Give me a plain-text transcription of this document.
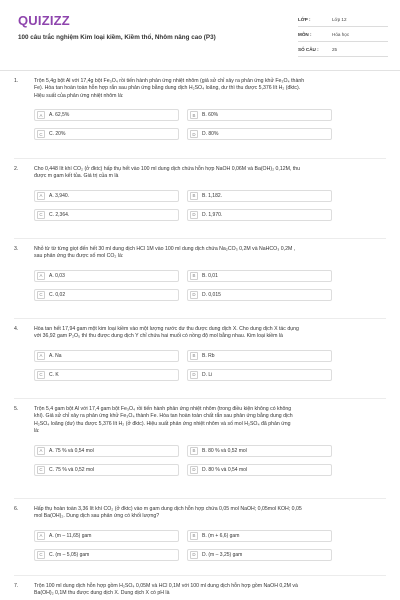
QUIZIZZ
100 câu trắc nghiệm Kim loại kiềm, Kiềm thổ, Nhôm nâng cao (P3)
LỚP :	Lớp 12
MÔN :	Hóa học
SỐ CÂU :	25
1.	Trộn 5,4g bột Al với 17,4g bột Fe₃O₄ rồi tiến hành phản ứng nhiệt nhôm (giả sử chỉ xảy ra phản ứng khử Fe₃O₄ thành
Fe). Hòa tan hoàn toàn hỗn hợp rắn sau phản ứng bằng dung dịch H₂SO₄ loãng, dư thì thu được 5,376 lít H₂ (đktc).
Hiệu suất của phản ứng nhiệt nhôm là:
A	A. 62,5%	B	B. 60%
C	C. 20%	D	D. 80%
2.	Cho 0,448 lít khí CO₂ (ở đktc) hấp thụ hết vào 100 ml dung dịch chứa hỗn hợp NaOH 0,06M và Ba(OH)₂ 0,12M, thu
được m gam kết tủa. Giá trị của m là
A	A. 3,940.	B	B. 1,182.
C	C. 2,364.	D	D. 1,970.
3.	Nhỏ từ từ từng giọt đến hết 30 ml dung dịch HCl 1M vào 100 ml dung dịch chứa Na₂CO₃ 0,2M và NaHCO₃ 0,2M ,
sau phản ứng thu được số mol CO₂ là:
A	A. 0,03	B	B. 0,01
C	C. 0,02	D	D. 0,015
4.	Hòa tan hết 17,94 gam một kim loại kiềm vào một lượng nước dư thu được dung dịch X. Cho dung dịch X tác dụng
với 36,92 gam P₂O₅ thì thu được dung dịch Y chỉ chứa hai muối có nồng độ mol bằng nhau. Kim loại kiềm là
A	A. Na	B	B. Rb
C	C. K	D	D. Li
5.	Trộn 5,4 gam bột Al với 17,4 gam bột Fe₃O₄ rồi tiến hành phản ứng nhiệt nhôm (trong điều kiện không có không
khí). Giả sử chỉ xảy ra phản ứng khử Fe₃O₄ thành Fe. Hòa tan hoàn toàn chất rắn sau phản ứng bằng dung dịch
H₂SO₄ loãng (dư) thu được 5,376 lít H₂ (ở đktc). Hiệu suất phản ứng nhiệt nhôm và số mol H₂SO₄ đã phản ứng
là:
A	A. 75 % và 0,54 mol	B	B. 80 % và 0,52 mol
C	C. 75 % và 0,52 mol	D	D. 80 % và 0,54 mol
6.	Hấp thụ hoàn toàn 3,36 lít khí CO₂ (ở đktc) vào m gam dung dịch hỗn hợp chứa 0,05 mol NaOH; 0,05mol KOH; 0,05
mol Ba(OH)₂. Dung dịch sau phản ứng có khối lượng?
A	A. (m – 11,65) gam	B	B. (m + 6,6) gam
C	C. (m – 5,05) gam	D	D. (m – 3,25) gam
7.	Trộn 100 ml dung dịch hỗn hợp gồm H₂SO₄ 0,05M và HCl 0,1M với 100 ml dung dịch hỗn hợp gồm NaOH 0,2M và
Ba(OH)₂ 0,1M thu được dung dịch X. Dung dịch X có pH là
